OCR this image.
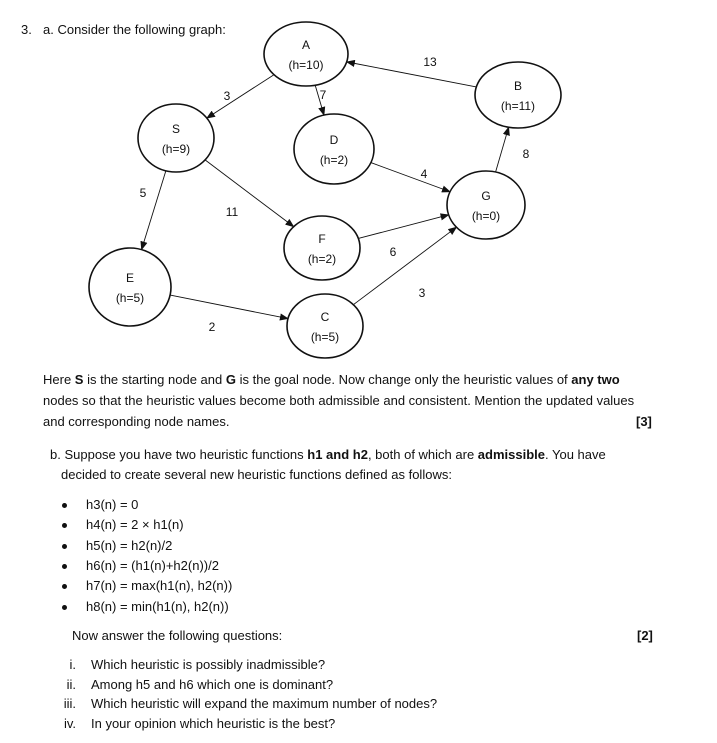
3. a. Consider the following graph:
A
(h=10)
B
(h=11)
S
(h=9)
D
(h=2)
G
(h=0)
F
(h=2)
E
(h=5)
C
(h=5)
3	7
13
8
4
5
11
6
3
2
Here S is the starting node and G is the goal node. Now change only the heuristic values of any two
nodes so that the heuristic values become both admissible and consistent. Mention the updated values
and corresponding node names.	[3]
b. Suppose you have two heuristic functions h1 and h2, both of which are admissible. You have
decided to create several new heuristic functions defined as follows:
h3(n) = 0
h4(n) = 2 × h1(n)
h5(n) = h2(n)/2
h6(n) = (h1(n)+h2(n))/2
h7(n) = max(h1(n), h2(n))
h8(n) = min(h1(n), h2(n))
Now answer the following questions:	[2]
i. Which heuristic is possibly inadmissible?
ii. Among h5 and h6 which one is dominant?
iii. Which heuristic will expand the maximum number of nodes?
iv. In your opinion which heuristic is the best?
